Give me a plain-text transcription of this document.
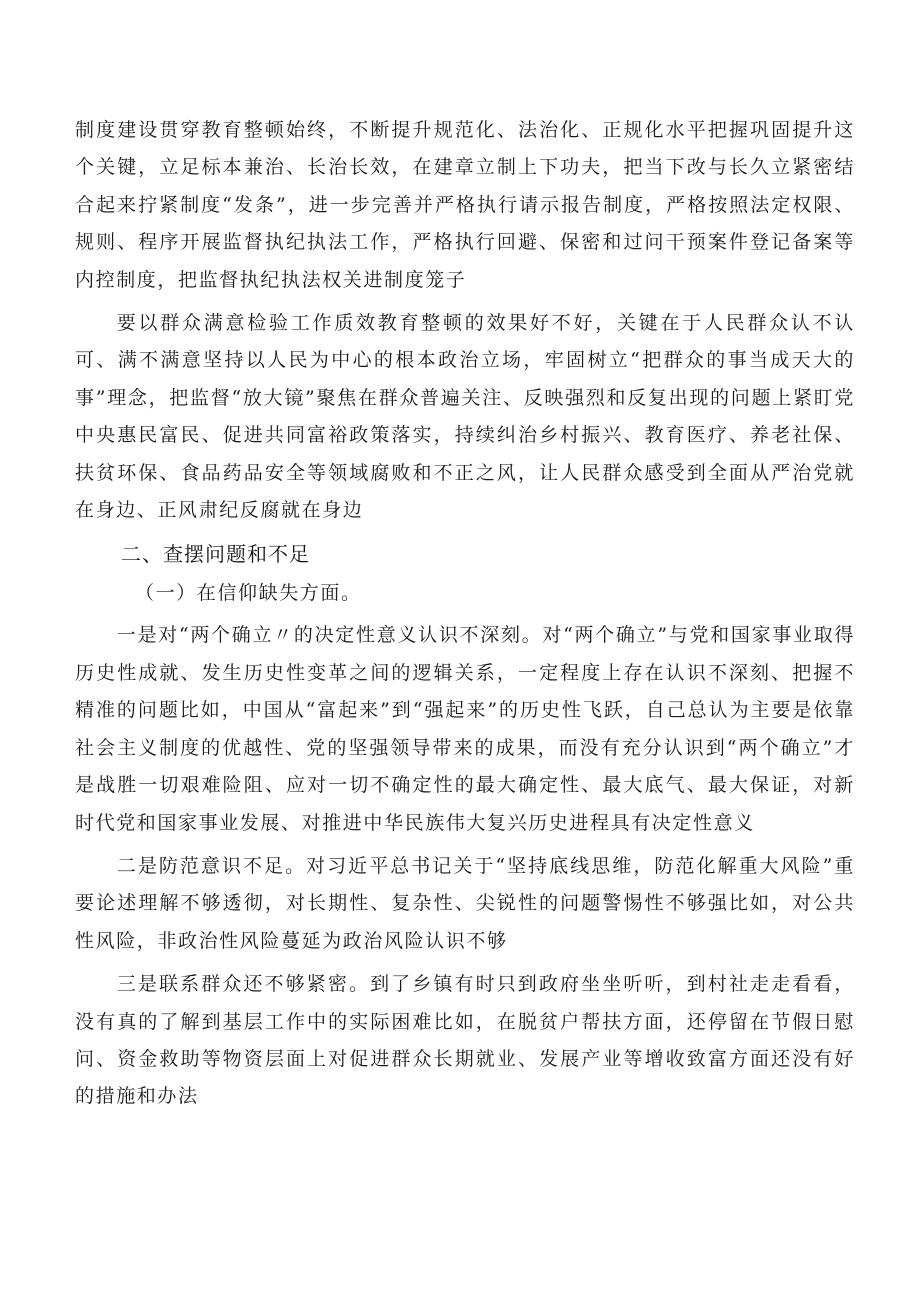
制度建设贯穿教育整顿始终，不断提升规范化、法治化、正规化水平把握巩固提升这个关键，立足标本兼治、长治长效，在建章立制上下功夫，把当下改与长久立紧密结合起来拧紧制度“发条”，进一步完善并严格执行请示报告制度，严格按照法定权限、规则、程序开展监督执纪执法工作，严格执行回避、保密和过问干预案件登记备案等内控制度，把监督执纪执法权关进制度笼子

要以群众满意检验工作质效教育整顿的效果好不好，关键在于人民群众认不认可、满不满意坚持以人民为中心的根本政治立场，牢固树立“把群众的事当成天大的事”理念，把监督“放大镜”聚焦在群众普遍关注、反映强烈和反复出现的问题上紧盯党中央惠民富民、促进共同富裕政策落实，持续纠治乡村振兴、教育医疗、养老社保、扶贫环保、食品药品安全等领域腐败和不正之风，让人民群众感受到全面从严治党就在身边、正风肃纪反腐就在身边

二、查摆问题和不足
（一）在信仰缺失方面。

一是对“两个确立〃的决定性意义认识不深刻。对“两个确立”与党和国家事业取得历史性成就、发生历史性变革之间的逻辑关系，一定程度上存在认识不深刻、把握不精准的问题比如，中国从“富起来”到“强起来”的历史性飞跃，自己总认为主要是依靠社会主义制度的优越性、党的坚强领导带来的成果，而没有充分认识到“两个确立”才是战胜一切艰难险阻、应对一切不确定性的最大确定性、最大底气、最大保证，对新时代党和国家事业发展、对推进中华民族伟大复兴历史进程具有决定性意义

二是防范意识不足。对习近平总书记关于“坚持底线思维，防范化解重大风险”重要论述理解不够透彻，对长期性、复杂性、尖锐性的问题警惕性不够强比如，对公共性风险，非政治性风险蔓延为政治风险认识不够

三是联系群众还不够紧密。到了乡镇有时只到政府坐坐听听，到村社走走看看，没有真的了解到基层工作中的实际困难比如，在脱贫户帮扶方面，还停留在节假日慰问、资金救助等物资层面上对促进群众长期就业、发展产业等增收致富方面还没有好的措施和办法
